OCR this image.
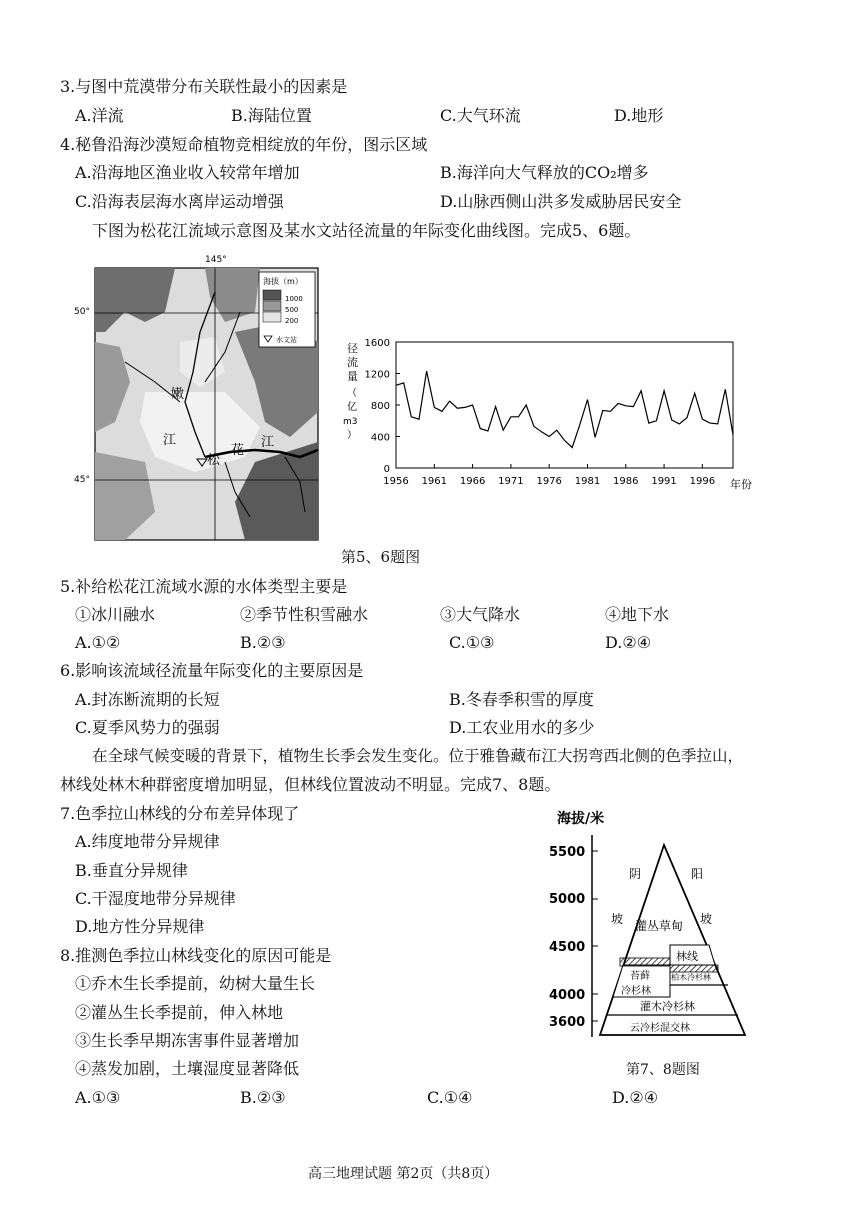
3.与图中荒漠带分布关联性最小的因素是
A.洋流	B.海陆位置	C.大气环流	D.地形
4.秘鲁沿海沙漠短命植物竞相绽放的年份，图示区域
A.沿海地区渔业收入较常年增加	B.海洋向大气释放的CO₂增多
C.沿海表层海水离岸运动增强	D.山脉西侧山洪多发威胁居民安全
下图为松花江流域示意图及某水文站径流量的年际变化曲线图。完成5、6题。
145°
50°
45°
嫩
江
松
花
江
海拔（m）
1000
500
200
水文站
0
400
800
1200
1600
1956 1961 1966 1971 1976 1981 1986 1991 1996
径
流
量
（
亿
m3
）
年份
第5、6题图
5.补给松花江流域水源的水体类型主要是
①冰川融水	②季节性积雪融水	③大气降水	④地下水
A.①②	B.②③	C.①③	D.②④
6.影响该流域径流量年际变化的主要原因是
A.封冻断流期的长短	B.冬春季积雪的厚度
C.夏季风势力的强弱	D.工农业用水的多少
在全球气候变暖的背景下，植物生长季会发生变化。位于雅鲁藏布江大拐弯西北侧的色季拉山，
林线处林木种群密度增加明显，但林线位置波动不明显。完成7、8题。
7.色季拉山林线的分布差异体现了
A.纬度地带分异规律
B.垂直分异规律
C.干湿度地带分异规律
D.地方性分异规律
8.推测色季拉山林线变化的原因可能是
①乔木生长季提前，幼树大量生长
②灌丛生长季提前，伸入林地
③生长季早期冻害事件显著增加
④蒸发加剧，土壤湿度显著降低
A.①③	B.②③	C.①④	D.②④
海拔/米
5500
5000
4500
4000
3600
阴	阳
坡	坡
灌丛草甸
林线
苔藓
冷杉林
柏木冷杉林
灌木冷杉林
云冷杉混交林
第7、8题图
高三地理试题 第2页（共8页）
